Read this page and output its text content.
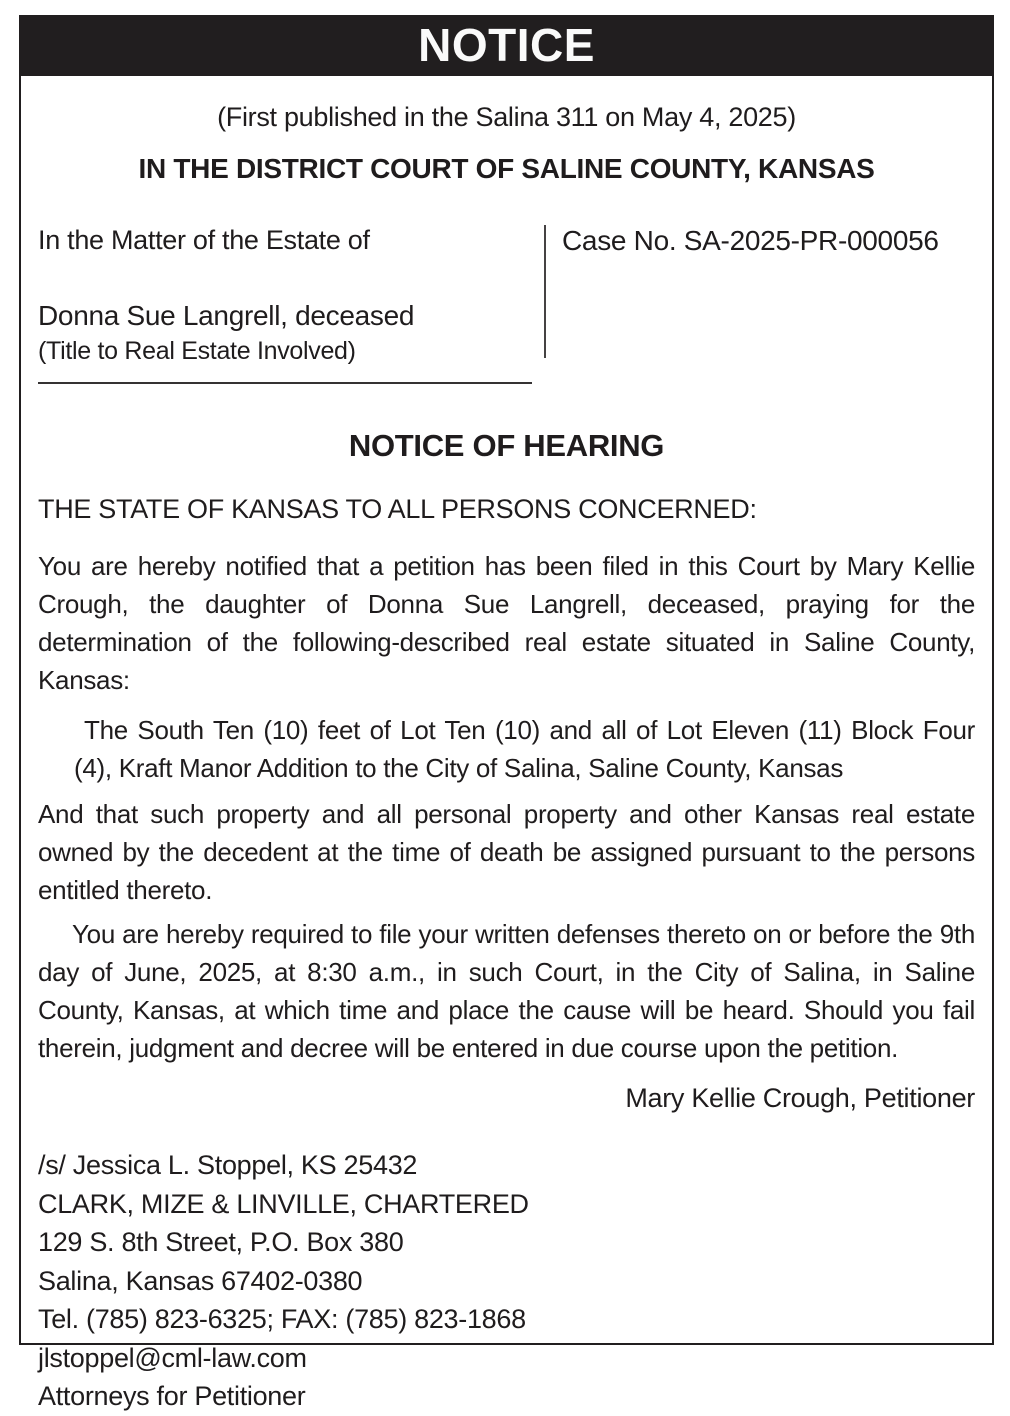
NOTICE
(First published in the Salina 311 on May 4, 2025)
IN THE DISTRICT COURT OF SALINE COUNTY, KANSAS
In the Matter of the Estate of
Donna Sue Langrell, deceased
(Title to Real Estate Involved)
Case No. SA-2025-PR-000056
NOTICE OF HEARING
THE STATE OF KANSAS TO ALL PERSONS CONCERNED:
You are hereby notified that a petition has been filed in this Court by Mary Kellie Crough, the daughter of Donna Sue Langrell, deceased, praying for the determination of the following-described real estate situated in Saline County, Kansas:
The South Ten (10) feet of Lot Ten (10) and all of Lot Eleven (11) Block Four (4), Kraft Manor Addition to the City of Salina, Saline County, Kansas
And that such property and all personal property and other Kansas real estate owned by the decedent at the time of death be assigned pursuant to the persons entitled thereto.
You are hereby required to file your written defenses thereto on or before the 9th day of June, 2025, at 8:30 a.m., in such Court, in the City of Salina, in Saline County, Kansas, at which time and place the cause will be heard. Should you fail therein, judgment and decree will be entered in due course upon the petition.
Mary Kellie Crough, Petitioner
/s/ Jessica L. Stoppel, KS 25432
CLARK, MIZE & LINVILLE, CHARTERED
129 S. 8th Street, P.O. Box 380
Salina, Kansas 67402-0380
Tel. (785) 823-6325; FAX: (785) 823-1868
jlstoppel@cml-law.com
Attorneys for Petitioner
